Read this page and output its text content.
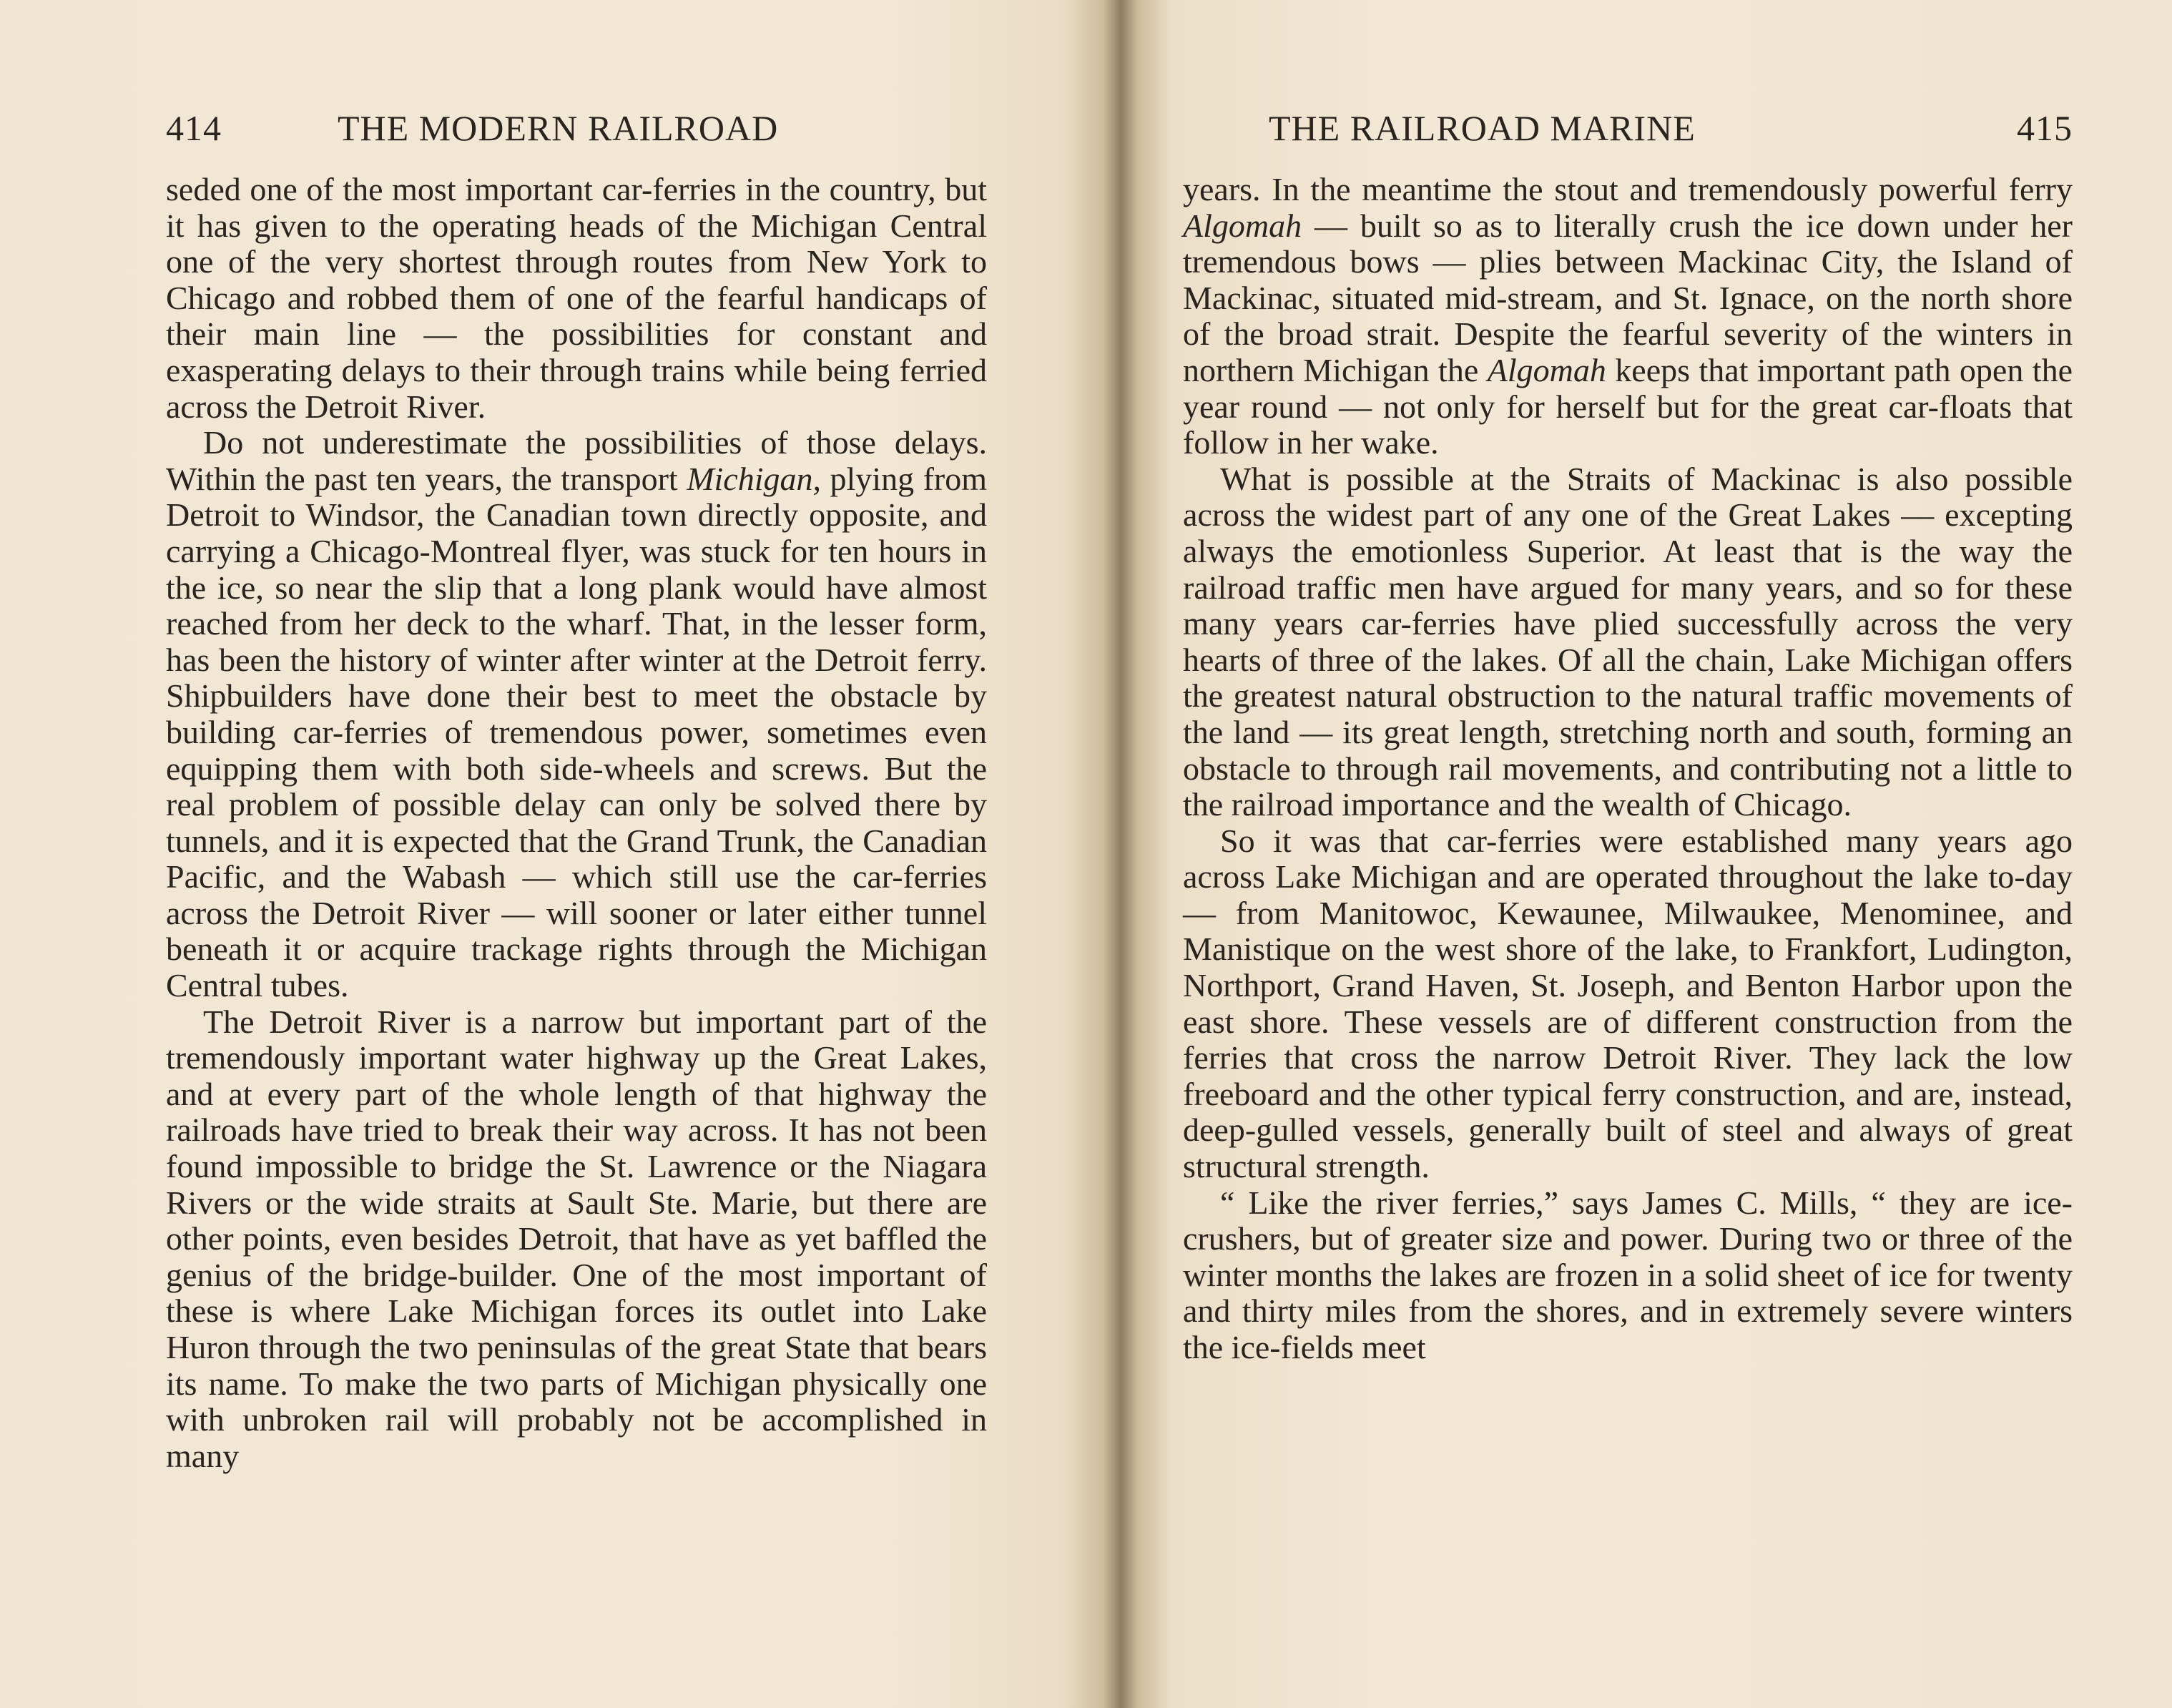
414	THE MODERN RAILROAD

seded one of the most important car-ferries in the country, but it has given to the operating heads of the Michigan Central one of the very shortest through routes from New York to Chicago and robbed them of one of the fearful handicaps of their main line — the possibilities for constant and exasperating delays to their through trains while being ferried across the Detroit River.

Do not underestimate the possibilities of those delays. Within the past ten years, the transport Michigan, plying from Detroit to Windsor, the Canadian town directly opposite, and carrying a Chicago-Montreal flyer, was stuck for ten hours in the ice, so near the slip that a long plank would have almost reached from her deck to the wharf. That, in the lesser form, has been the history of winter after winter at the Detroit ferry. Shipbuilders have done their best to meet the obstacle by building car-ferries of tremendous power, sometimes even equipping them with both side-wheels and screws. But the real problem of possible delay can only be solved there by tunnels, and it is expected that the Grand Trunk, the Canadian Pacific, and the Wabash — which still use the car-ferries across the Detroit River — will sooner or later either tunnel beneath it or acquire trackage rights through the Michigan Central tubes.

The Detroit River is a narrow but important part of the tremendously important water highway up the Great Lakes, and at every part of the whole length of that highway the railroads have tried to break their way across. It has not been found impossible to bridge the St. Lawrence or the Niagara Rivers or the wide straits at Sault Ste. Marie, but there are other points, even besides Detroit, that have as yet baffled the genius of the bridge-builder. One of the most important of these is where Lake Michigan forces its outlet into Lake Huron through the two peninsulas of the great State that bears its name. To make the two parts of Michigan physically one with unbroken rail will probably not be accomplished in many

THE RAILROAD MARINE	415

years. In the meantime the stout and tremendously powerful ferry Algomah — built so as to literally crush the ice down under her tremendous bows — plies between Mackinac City, the Island of Mackinac, situated mid-stream, and St. Ignace, on the north shore of the broad strait. Despite the fearful severity of the winters in northern Michigan the Algomah keeps that important path open the year round — not only for herself but for the great car-floats that follow in her wake.

What is possible at the Straits of Mackinac is also possible across the widest part of any one of the Great Lakes — excepting always the emotionless Superior. At least that is the way the railroad traffic men have argued for many years, and so for these many years car-ferries have plied successfully across the very hearts of three of the lakes. Of all the chain, Lake Michigan offers the greatest natural obstruction to the natural traffic movements of the land — its great length, stretching north and south, forming an obstacle to through rail movements, and contributing not a little to the railroad importance and the wealth of Chicago.

So it was that car-ferries were established many years ago across Lake Michigan and are operated throughout the lake to-day — from Manitowoc, Kewaunee, Milwaukee, Menominee, and Manistique on the west shore of the lake, to Frankfort, Ludington, Northport, Grand Haven, St. Joseph, and Benton Harbor upon the east shore. These vessels are of different construction from the ferries that cross the narrow Detroit River. They lack the low freeboard and the other typical ferry construction, and are, instead, deep-gulled vessels, generally built of steel and always of great structural strength.

“ Like the river ferries,” says James C. Mills, “ they are ice-crushers, but of greater size and power. During two or three of the winter months the lakes are frozen in a solid sheet of ice for twenty and thirty miles from the shores, and in extremely severe winters the ice-fields meet
